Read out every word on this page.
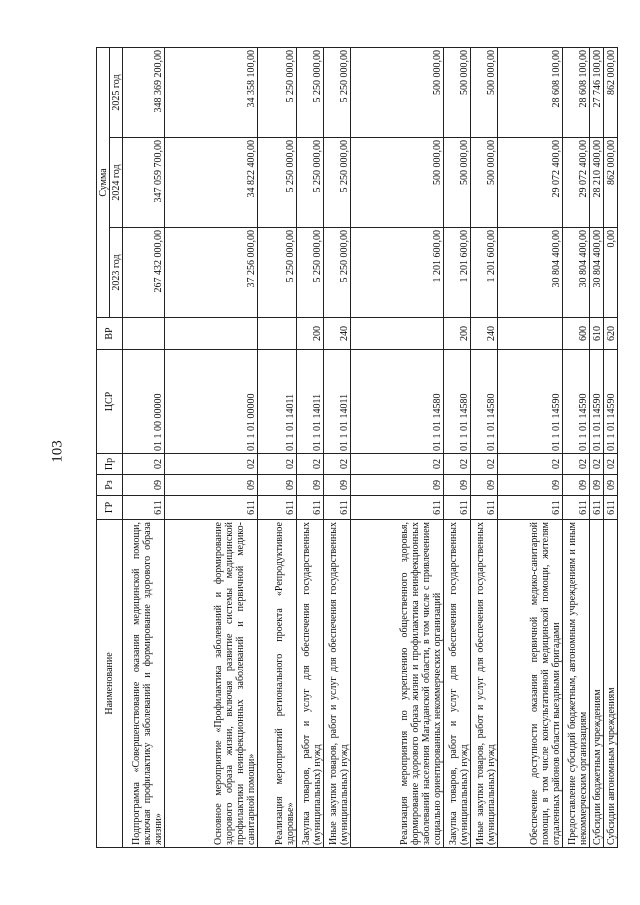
103
Наименование	ГР	Рз	Пр	ЦСР	ВР	Сумма		
						2023 год	2024 год	2025 год
Подпрограмма «Совершенствование оказания медицинской помощи, включая профилактику заболеваний и формирование здорового образа жизни»	611	09	02	01 1 00 00000		267 432 000,00	347 059 700,00	348 369 200,00
Основное мероприятие «Профилактика заболеваний и формирование здорового образа жизни, включая развитие системы медицинской профилактики неинфекционных заболеваний и первичной медико-санитарной помощи»	611	09	02	01 1 01 00000		37 256 000,00	34 822 400,00	34 358 100,00
Реализация мероприятий регионального проекта «Репродуктивное здоровье»	611	09	02	01 1 01 14011		5 250 000,00	5 250 000,00	5 250 000,00
Закупка товаров, работ и услуг для обеспечения государственных (муниципальных) нужд	611	09	02	01 1 01 14011	200	5 250 000,00	5 250 000,00	5 250 000,00
Иные закупки товаров, работ и услуг для обеспечения государственных (муниципальных) нужд	611	09	02	01 1 01 14011	240	5 250 000,00	5 250 000,00	5 250 000,00
Реализация мероприятия по укреплению общественного здоровья, формирование здорового образа жизни и профилактика неинфекционных заболеваний населения Магаданской области, в том числе с привлечением социально ориентированных некоммерческих организаций	611	09	02	01 1 01 14580		1 201 600,00	500 000,00	500 000,00
Закупка товаров, работ и услуг для обеспечения государственных (муниципальных) нужд	611	09	02	01 1 01 14580	200	1 201 600,00	500 000,00	500 000,00
Иные закупки товаров, работ и услуг для обеспечения государственных (муниципальных) нужд	611	09	02	01 1 01 14580	240	1 201 600,00	500 000,00	500 000,00
Обеспечение доступности оказания первичной медико-санитарной помощи, в том числе консультативной медицинской помощи, жителям отдаленных районов области выездными бригадами	611	09	02	01 1 01 14590		30 804 400,00	29 072 400,00	28 608 100,00
Предоставление субсидий бюджетным, автономным учреждениям и иным некоммерческим организациям	611	09	02	01 1 01 14590	600	30 804 400,00	29 072 400,00	28 608 100,00
Субсидии бюджетным учреждениям	611	09	02	01 1 01 14590	610	30 804 400,00	28 210 400,00	27 746 100,00
Субсидии автономным учреждениям	611	09	02	01 1 01 14590	620	0,00	862 000,00	862 000,00
